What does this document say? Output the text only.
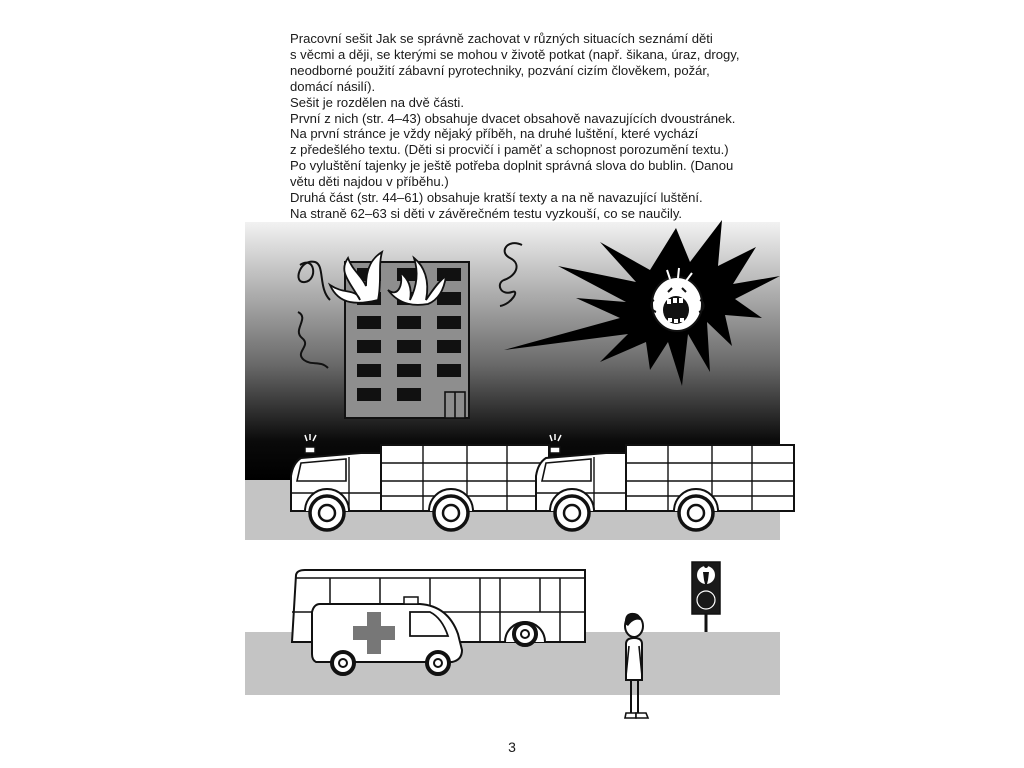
Pracovní sešit Jak se správně zachovat v různých situacích seznámí děti
s věcmi a ději, se kterými se mohou v životě potkat (např. šikana, úraz, drogy,
neodborné použití zábavní pyrotechniky, pozvání cizím člověkem, požár,
domácí násilí).
Sešit je rozdělen na dvě části.
První z nich (str. 4–43) obsahuje dvacet obsahově navazujících dvoustránek.
Na první stránce je vždy nějaký příběh, na druhé luštění, které vychází
z předešlého textu. (Děti si procvičí i paměť a schopnost porozumění textu.)
Po vyluštění tajenky je ještě potřeba doplnit správná slova do bublin. (Danou
větu děti najdou v příběhu.)
Druhá část (str. 44–61) obsahuje kratší texty a na ně navazující luštění.
Na straně 62–63 si děti v závěrečném testu vyzkouší, co se naučily.

3
